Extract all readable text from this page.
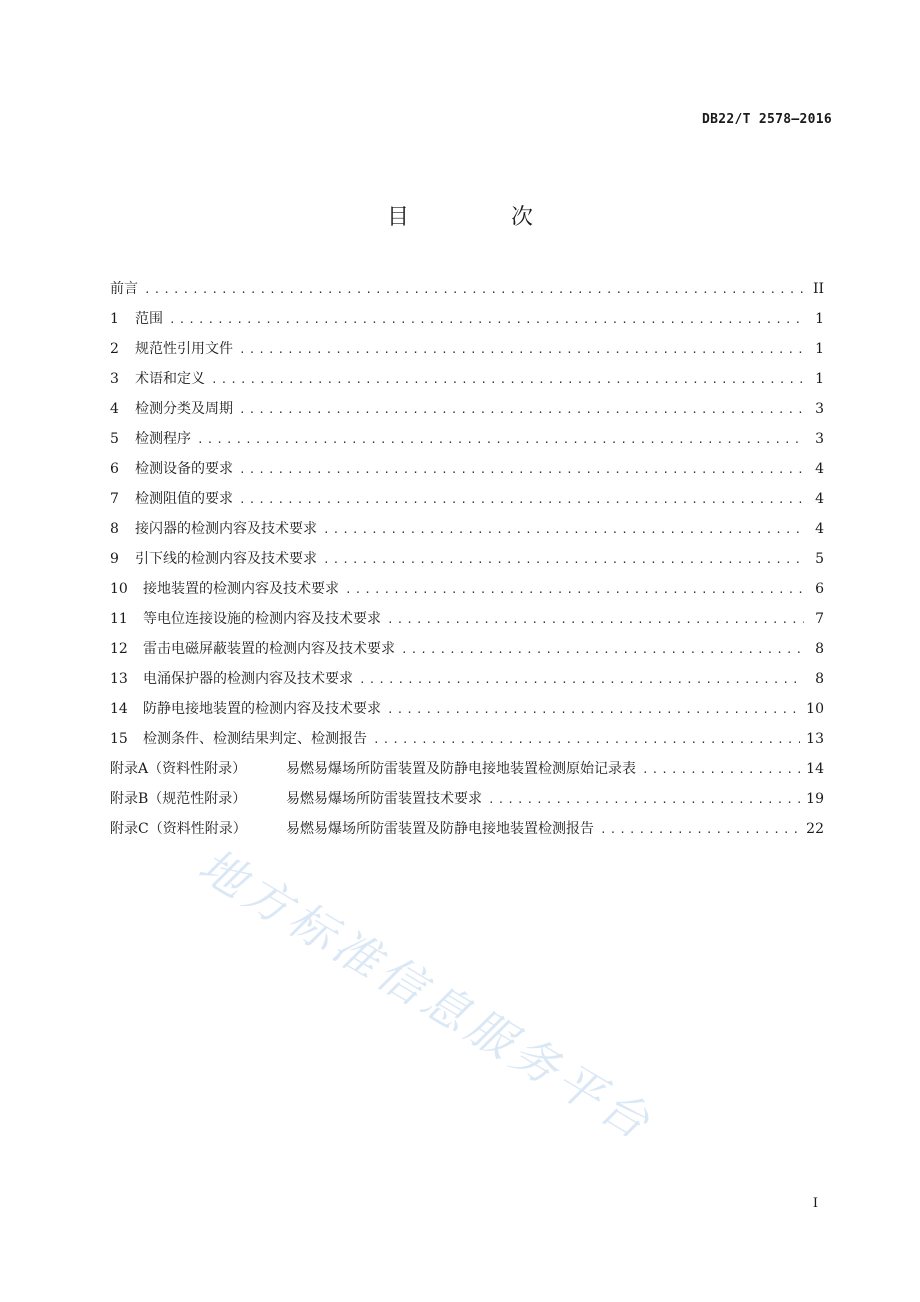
DB22/T 2578—2016
目　次
前言 .....	II
1	范围 .....	1
2	规范性引用文件 .....	1
3	术语和定义 .....	1
4	检测分类及周期 .....	3
5	检测程序 .....	3
6	检测设备的要求 .....	4
7	检测阻值的要求 .....	4
8	接闪器的检测内容及技术要求 .....	4
9	引下线的检测内容及技术要求 .....	5
10	接地装置的检测内容及技术要求 .....	6
11	等电位连接设施的检测内容及技术要求 .....	7
12	雷击电磁屏蔽装置的检测内容及技术要求 .....	8
13	电涌保护器的检测内容及技术要求 .....	8
14	防静电接地装置的检测内容及技术要求 .....	10
15	检测条件、检测结果判定、检测报告 .....	13
附录A（资料性附录）	易燃易爆场所防雷装置及防静电接地装置检测原始记录表 .....	14
附录B（规范性附录）	易燃易爆场所防雷装置技术要求 .....	19
附录C（资料性附录）	易燃易爆场所防雷装置及防静电接地装置检测报告 .....	22
地方标准信息服务平台
I
